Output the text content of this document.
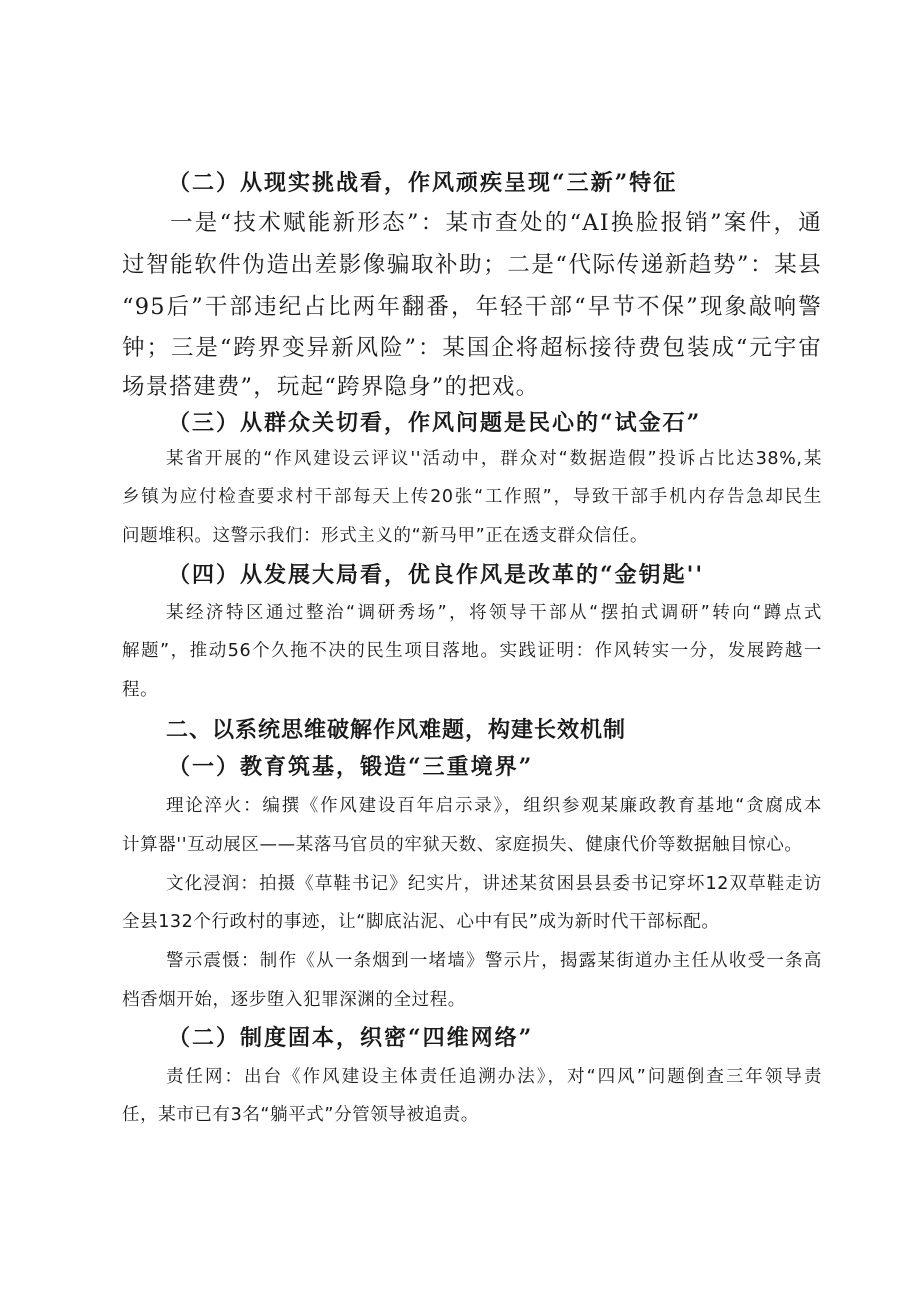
（二）从现实挑战看，作风顽疾呈现“三新”特征
一是“技术赋能新形态”：某市查处的“AI换脸报销”案件，通
过智能软件伪造出差影像骗取补助；二是“代际传递新趋势”：某县
“95后”干部违纪占比两年翻番，年轻干部“早节不保”现象敲响警
钟；三是“跨界变异新风险”：某国企将超标接待费包装成“元宇宙
场景搭建费”，玩起“跨界隐身”的把戏。
（三）从群众关切看，作风问题是民心的“试金石”
某省开展的“作风建设云评议''活动中，群众对“数据造假”投诉占比达38%,某
乡镇为应付检查要求村干部每天上传20张“工作照”，导致干部手机内存告急却民生
问题堆积。这警示我们：形式主义的“新马甲”正在透支群众信任。
（四）从发展大局看，优良作风是改革的“金钥匙''
某经济特区通过整治“调研秀场”，将领导干部从“摆拍式调研”转向“蹲点式
解题”，推动56个久拖不决的民生项目落地。实践证明：作风转实一分，发展跨越一
程。
二、以系统思维破解作风难题，构建长效机制
（一）教育筑基，锻造“三重境界”
理论淬火：编撰《作风建设百年启示录》，组织参观某廉政教育基地“贪腐成本
计算器''互动展区——某落马官员的牢狱天数、家庭损失、健康代价等数据触目惊心。
文化浸润：拍摄《草鞋书记》纪实片，讲述某贫困县县委书记穿坏12双草鞋走访
全县132个行政村的事迹，让“脚底沾泥、心中有民”成为新时代干部标配。
警示震慑：制作《从一条烟到一堵墙》警示片，揭露某街道办主任从收受一条高
档香烟开始，逐步堕入犯罪深渊的全过程。
（二）制度固本，织密“四维网络”
责任网：出台《作风建设主体责任追溯办法》，对“四风”问题倒查三年领导责
任，某市已有3名“躺平式”分管领导被追责。
